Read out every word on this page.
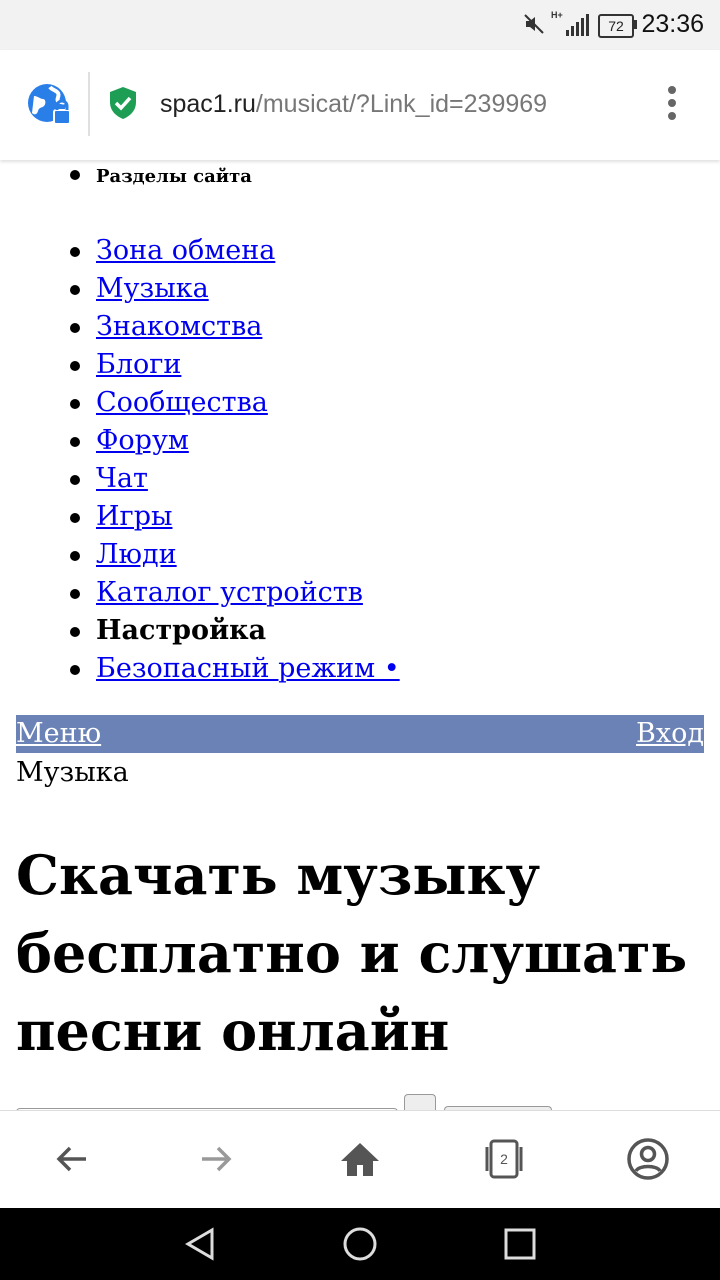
H+
72 23:36
spac1.ru/musicat/?Link_id=239969
Разделы сайта
Зона обмена
Музыка
Знакомства
Блоги
Сообщества
Форум
Чат
Игры
Люди
Каталог устройств
Настройка
Безопасный режим •
Меню	Вход
Музыка
Скачать музыку бесплатно и слушать песни онлайн
2
